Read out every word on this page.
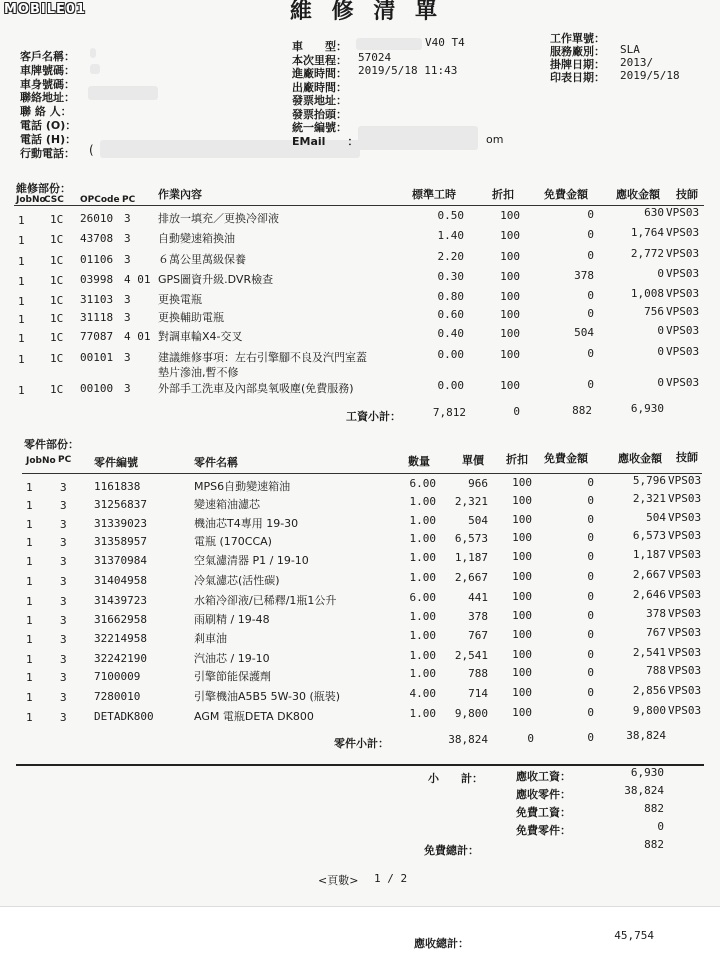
MOBILE01	維 修 清 單
客戶名稱：
車牌號碼：
車身號碼：
聯絡地址：
聯 絡 人：
電話 (O)：
電話 (H)：
行動電話： (
車　　型：
本次里程：
進廠時間：
出廠時間：
發票地址：
發票抬頭：
統一編號：
EMail　　：
V40 T4
57024
2019/5/18 11:43
om
工作單號：
服務廠別： SLA
掛牌日期： 2013/
印表日期： 2019/5/18
維修部份：
JobNo
CSC OPCode PC 作業內容	標準工時	折扣	免費金額	應收金額 技師
1 1C 26010 3 排放一填充／更換冷卻液	0.50	100	0	630 VPS03
1 1C 43708 3 自動變速箱換油	1.40	100	0	1,764 VPS03
1 1C 01106 3 ６萬公里萬級保養	2.20	100	0	2,772 VPS03
1 1C 03998 4 01 GPS圖資升級.DVR檢查	0.30	100	378	0 VPS03
1 1C 31103 3 更換電瓶	0.80	100	0	1,008 VPS03
1 1C 31118 3 更換輔助電瓶	0.60	100	0	756 VPS03
1 1C 77087 4 01 對調車輪X4-交叉	0.40	100	504	0 VPS03
1 1C 00101 3 建議維修事項：左右引擎腳不良及汽門室蓋
墊片滲油,暫不修
0.00	100	0	0 VPS03
1 1C 00100 3 外部手工洗車及內部臭氧吸塵(免費服務)	0.00	100	0	0 VPS03
工資小計：	7,812	0	882	6,930
零件部份：
JobNo PC 零件編號	零件名稱	數量	單價 折扣 免費金額	應收金額 技師
1 3 1161838	MPS6自動變速箱油	6.00	966	100	0	5,796 VPS03
1 3 31256837	變速箱油濾芯	1.00	2,321	100	0	2,321 VPS03
1 3 31339023	機油芯T4專用 19-30	1.00	504	100	0	504 VPS03
1 3 31358957	電瓶 (170CCA)	1.00	6,573	100	0	6,573 VPS03
1 3 31370984	空氣濾清器 P1 / 19-10	1.00	1,187	100	0	1,187 VPS03
1 3 31404958	冷氣濾芯(活性碳)	1.00	2,667	100	0	2,667 VPS03
1 3 31439723	水箱冷卻液/已稀釋/1瓶1公升	6.00	441	100	0	2,646 VPS03
1 3 31662958	雨刷精 / 19-48	1.00	378	100	0	378 VPS03
1 3 32214958	剎車油	1.00	767	100	0	767 VPS03
1 3 32242190	汽油芯 / 19-10	1.00	2,541	100	0	2,541 VPS03
1 3 7100009	引擎節能保護劑	1.00	788	100	0	788 VPS03
1 3 7280010	引擎機油A5B5 5W-30 (瓶裝)	4.00	714	100	0	2,856 VPS03
1 3 DETADK800	AGM 電瓶DETA DK800	1.00	9,800	100	0	9,800 VPS03
零件小計：	38,824	0	0	38,824
小　　計：	應收工資：	6,930
應收零件：	38,824
免費工資：	882
免費零件：	0
免費總計：	882
<頁數> 1 / 2
應收總計：
45,754
